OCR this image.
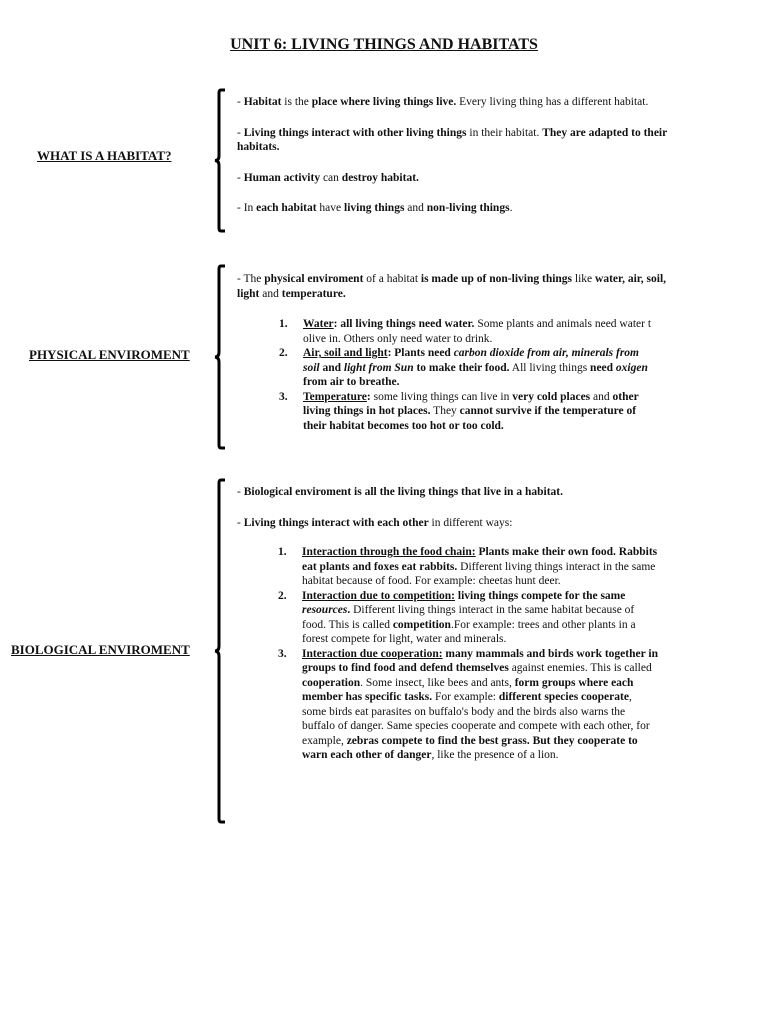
UNIT 6: LIVING THINGS AND HABITATS
WHAT IS A HABITAT?

- Habitat is the place where living things live. Every living thing has a different habitat.

- Living things interact with other living things in their habitat. They are adapted to their habitats.

- Human activity can destroy habitat.

- In each habitat have living things and non-living things.

PHYSICAL ENVIROMENT

- The physical enviroment of a habitat is made up of non-living things like water, air, soil, light and temperature.

1. Water: all living things need water. Some plants and animals need water t olive in. Others only need water to drink.
2. Air, soil and light: Plants need carbon dioxide from air, minerals from soil and light from Sun to make their food. All living things need oxigen from air to breathe.
3. Temperature: some living things can live in very cold places and other living things in hot places. They cannot survive if the temperature of their habitat becomes too hot or too cold.
BIOLOGICAL ENVIROMENT

- Biological enviroment is all the living things that live in a habitat.

- Living things interact with each other in different ways:

1. Interaction through the food chain: Plants make their own food. Rabbits eat plants and foxes eat rabbits. Different living things interact in the same habitat because of food. For example: cheetas hunt deer.
2. Interaction due to competition: living things compete for the same resources. Different living things interact in the same habitat because of food. This is called competition.For example: trees and other plants in a forest compete for light, water and minerals.
3. Interaction due cooperation: many mammals and birds work together in groups to find food and defend themselves against enemies. This is called cooperation. Some insect, like bees and ants, form groups where each member has specific tasks. For example: different species cooperate, some birds eat parasites on buffalo's body and the birds also warns the buffalo of danger. Same species cooperate and compete with each other, for example, zebras compete to find the best grass. But they cooperate to warn each other of danger, like the presence of a lion.
